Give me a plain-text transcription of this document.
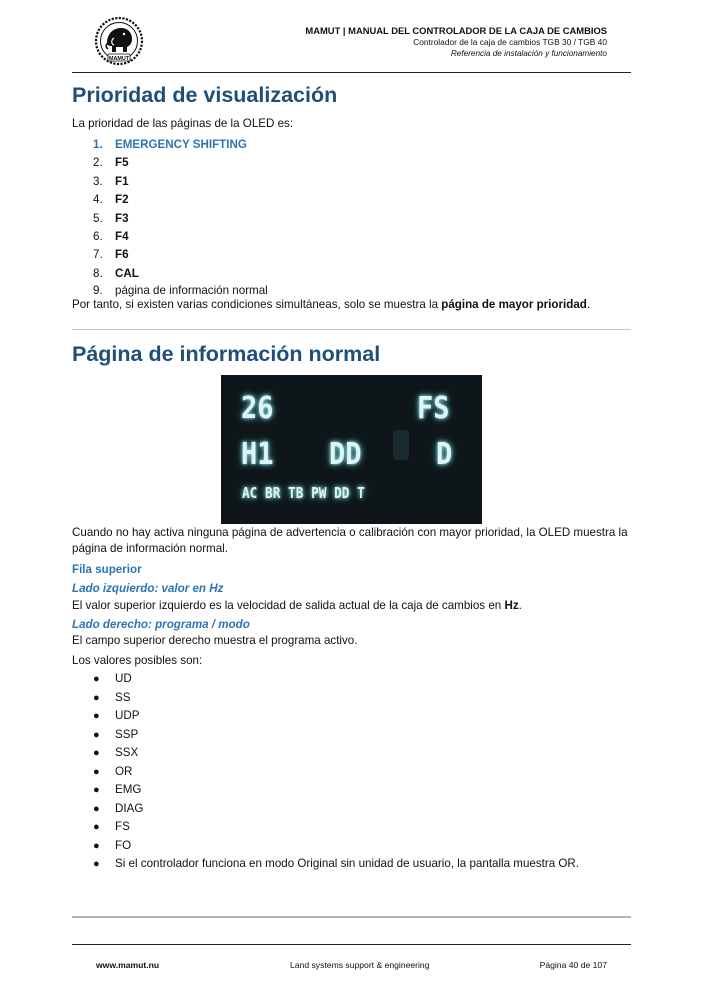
MAMUT
MAMUT | MANUAL DEL CONTROLADOR DE LA CAJA DE CAMBIOS
Controlador de la caja de cambios TGB 30 / TGB 40
Referencia de instalación y funcionamiento
Prioridad de visualización
La prioridad de las páginas de la OLED es:
1. EMERGENCY SHIFTING
2. F5
3. F1
4. F2
5. F3
6. F4
7. F6
8. CAL
9. página de información normal
Por tanto, si existen varias condiciones simultáneas, solo se muestra la página de mayor prioridad.
Página de información normal
26	FS
H1 DD D
AC BR TB PW DD T
Cuando no hay activa ninguna página de advertencia o calibración con mayor prioridad, la OLED muestra la página de información normal.
Fila superior
Lado izquierdo: valor en Hz
El valor superior izquierdo es la velocidad de salida actual de la caja de cambios en Hz.
Lado derecho: programa / modo
El campo superior derecho muestra el programa activo.
Los valores posibles son:
● UD
● SS
● UDP
● SSP
● SSX
● OR
● EMG
● DIAG
● FS
● FO
● Si el controlador funciona en modo Original sin unidad de usuario, la pantalla muestra OR.
www.mamut.nu	Land systems support & engineering	Página 40 de 107
